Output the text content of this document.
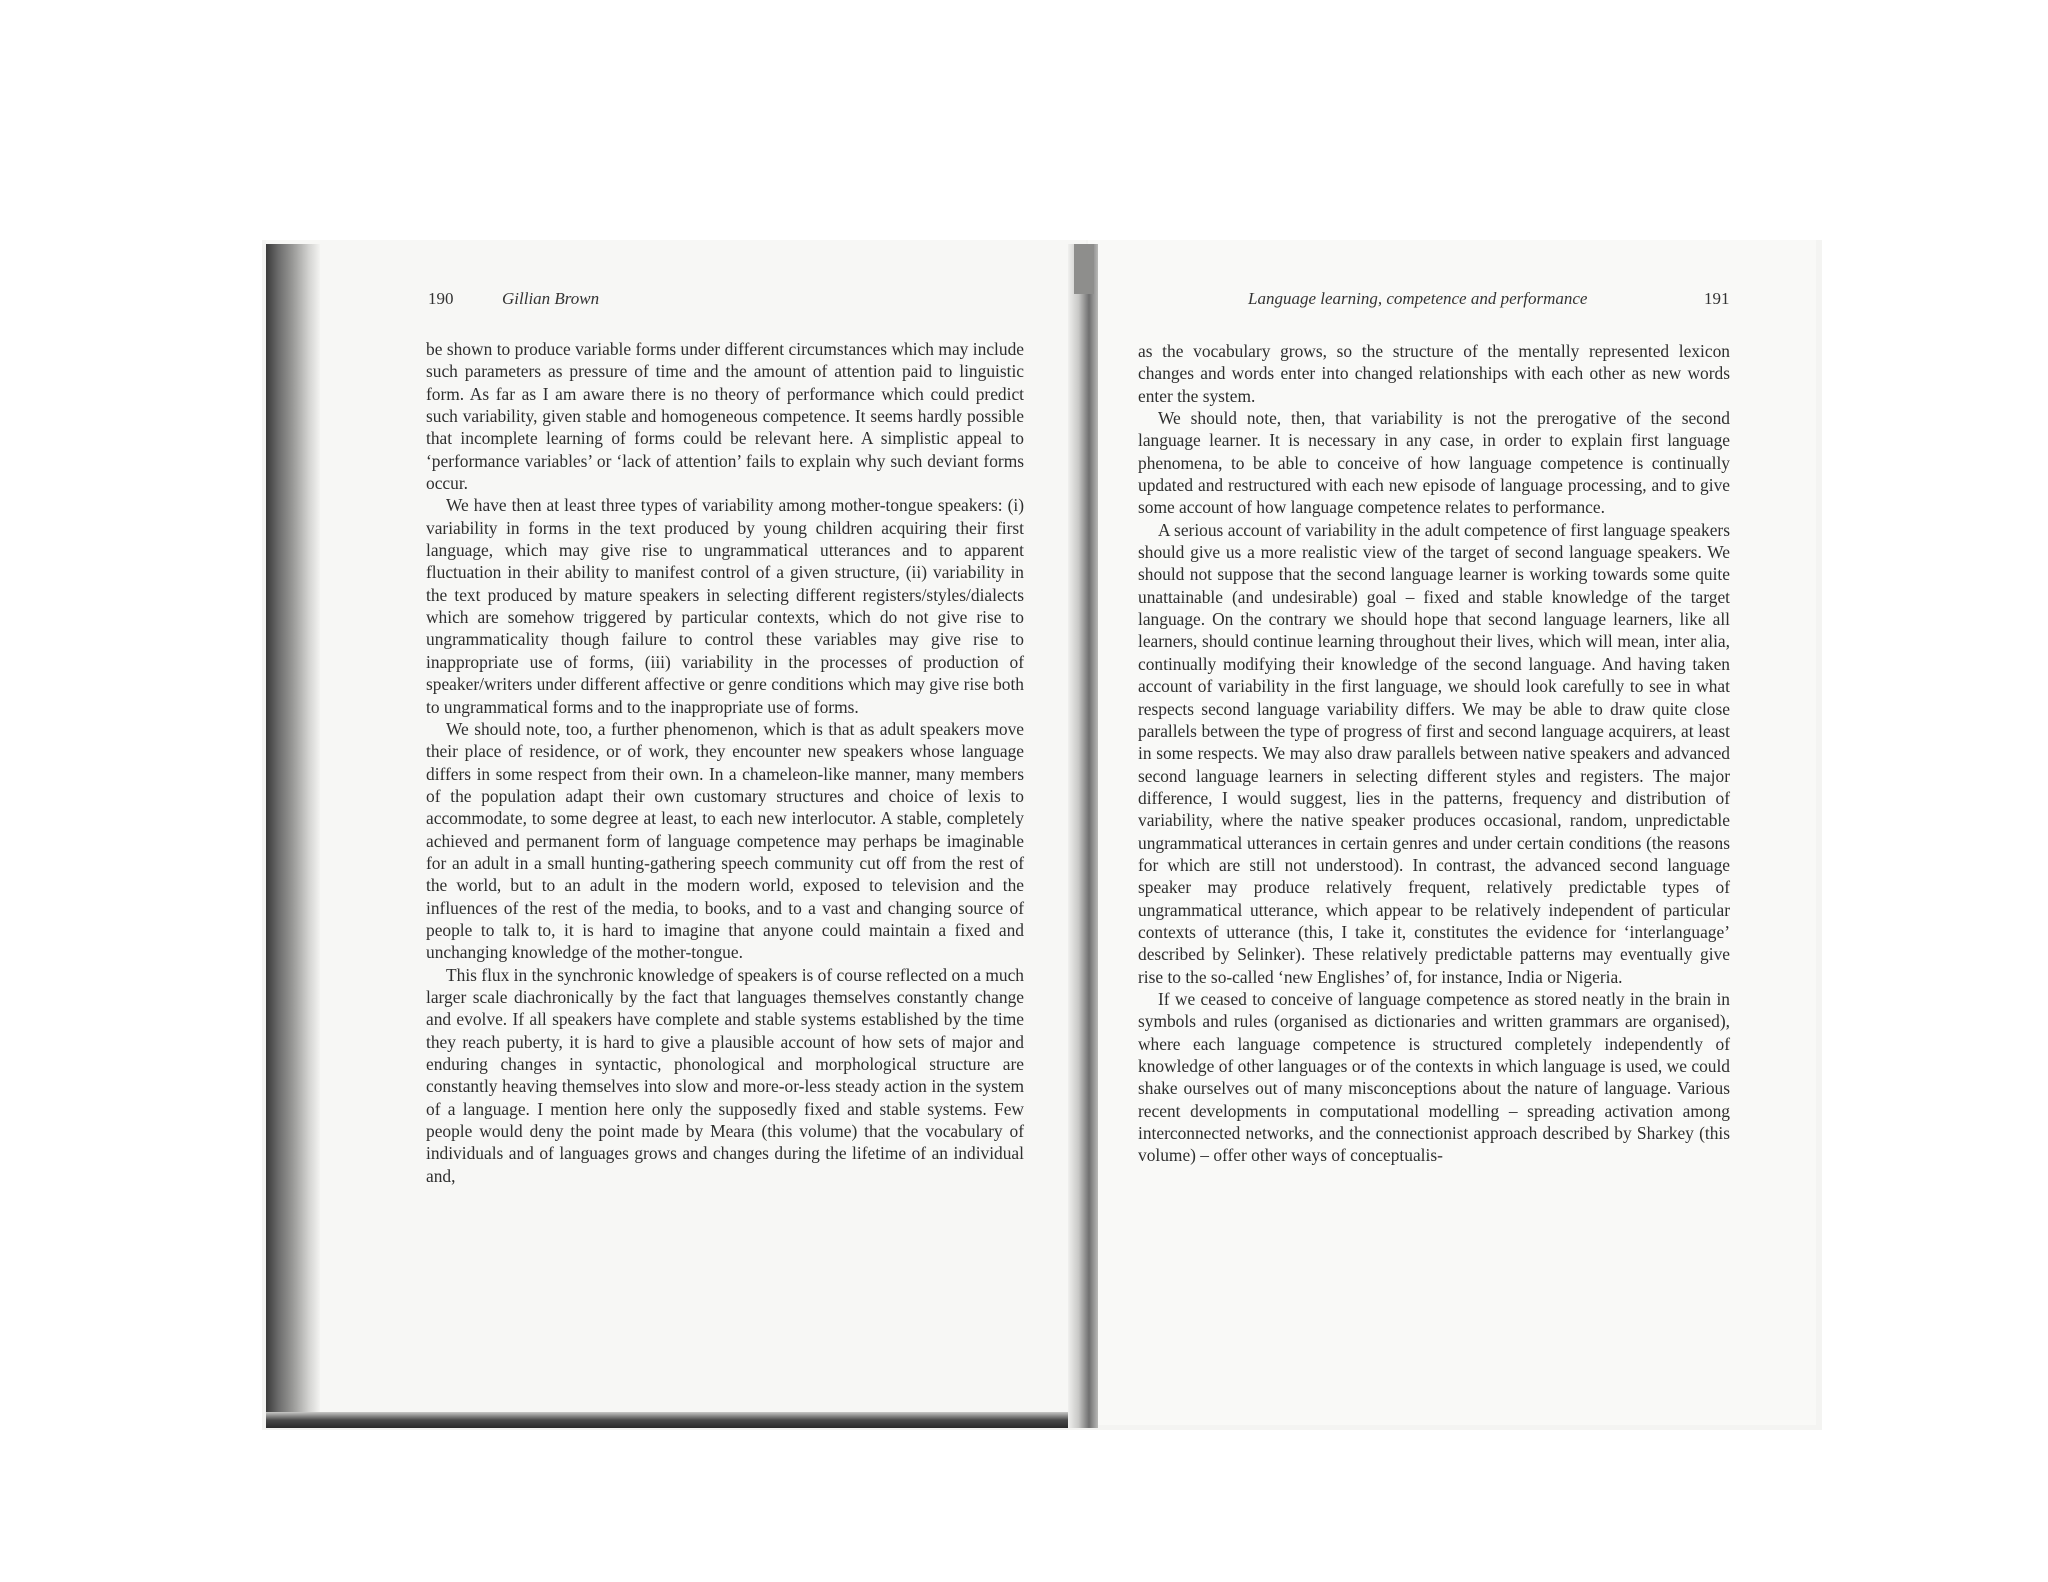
190	Gillian Brown	Language learning, competence and performance	191

be shown to produce variable forms under different circumstances which may include such parameters as pressure of time and the amount of attention paid to linguistic form. As far as I am aware there is no theory of performance which could predict such variability, given stable and homogeneous competence. It seems hardly possible that incomplete learning of forms could be relevant here. A simplistic appeal to ‘performance variables’ or ‘lack of attention’ fails to explain why such deviant forms occur.

We have then at least three types of variability among mother-tongue speakers: (i) variability in forms in the text produced by young children acquiring their first language, which may give rise to ungrammatical utterances and to apparent fluctuation in their ability to manifest control of a given structure, (ii) variability in the text produced by mature speakers in selecting different registers/styles/dialects which are somehow triggered by particular contexts, which do not give rise to ungrammaticality though failure to control these variables may give rise to inappropriate use of forms, (iii) variability in the processes of production of speaker/writers under different affective or genre conditions which may give rise both to ungrammatical forms and to the inappropriate use of forms.

We should note, too, a further phenomenon, which is that as adult speakers move their place of residence, or of work, they encounter new speakers whose language differs in some respect from their own. In a chameleon-like manner, many members of the population adapt their own customary structures and choice of lexis to accommodate, to some degree at least, to each new interlocutor. A stable, completely achieved and permanent form of language competence may perhaps be imaginable for an adult in a small hunting-gathering speech community cut off from the rest of the world, but to an adult in the modern world, exposed to television and the influences of the rest of the media, to books, and to a vast and changing source of people to talk to, it is hard to imagine that anyone could maintain a fixed and unchanging knowledge of the mother-tongue.

This flux in the synchronic knowledge of speakers is of course reflected on a much larger scale diachronically by the fact that languages themselves constantly change and evolve. If all speakers have complete and stable systems established by the time they reach puberty, it is hard to give a plausible account of how sets of major and enduring changes in syntactic, phonological and morphological structure are constantly heaving themselves into slow and more-or-less steady action in the system of a language. I mention here only the supposedly fixed and stable systems. Few people would deny the point made by Meara (this volume) that the vocabulary of individuals and of languages grows and changes during the lifetime of an individual and,

as the vocabulary grows, so the structure of the mentally represented lexicon changes and words enter into changed relationships with each other as new words enter the system.

We should note, then, that variability is not the prerogative of the second language learner. It is necessary in any case, in order to explain first language phenomena, to be able to conceive of how language competence is continually updated and restructured with each new episode of language processing, and to give some account of how language competence relates to performance.

A serious account of variability in the adult competence of first language speakers should give us a more realistic view of the target of second language speakers. We should not suppose that the second language learner is working towards some quite unattainable (and undesirable) goal – fixed and stable knowledge of the target language. On the contrary we should hope that second language learners, like all learners, should continue learning throughout their lives, which will mean, inter alia, continually modifying their knowledge of the second language. And having taken account of variability in the first language, we should look carefully to see in what respects second language variability differs. We may be able to draw quite close parallels between the type of progress of first and second language acquirers, at least in some respects. We may also draw parallels between native speakers and advanced second language learners in selecting different styles and registers. The major difference, I would suggest, lies in the patterns, frequency and distribution of variability, where the native speaker produces occasional, random, unpredictable ungrammatical utterances in certain genres and under certain conditions (the reasons for which are still not understood). In contrast, the advanced second language speaker may produce relatively frequent, relatively predictable types of ungrammatical utterance, which appear to be relatively independent of particular contexts of utterance (this, I take it, constitutes the evidence for ‘interlanguage’ described by Selinker). These relatively predictable patterns may eventually give rise to the so-called ‘new Englishes’ of, for instance, India or Nigeria.

If we ceased to conceive of language competence as stored neatly in the brain in symbols and rules (organised as dictionaries and written grammars are organised), where each language competence is structured completely independently of knowledge of other languages or of the contexts in which language is used, we could shake ourselves out of many misconceptions about the nature of language. Various recent developments in computational modelling – spreading activation among interconnected networks, and the connectionist approach described by Sharkey (this volume) – offer other ways of conceptualis-
